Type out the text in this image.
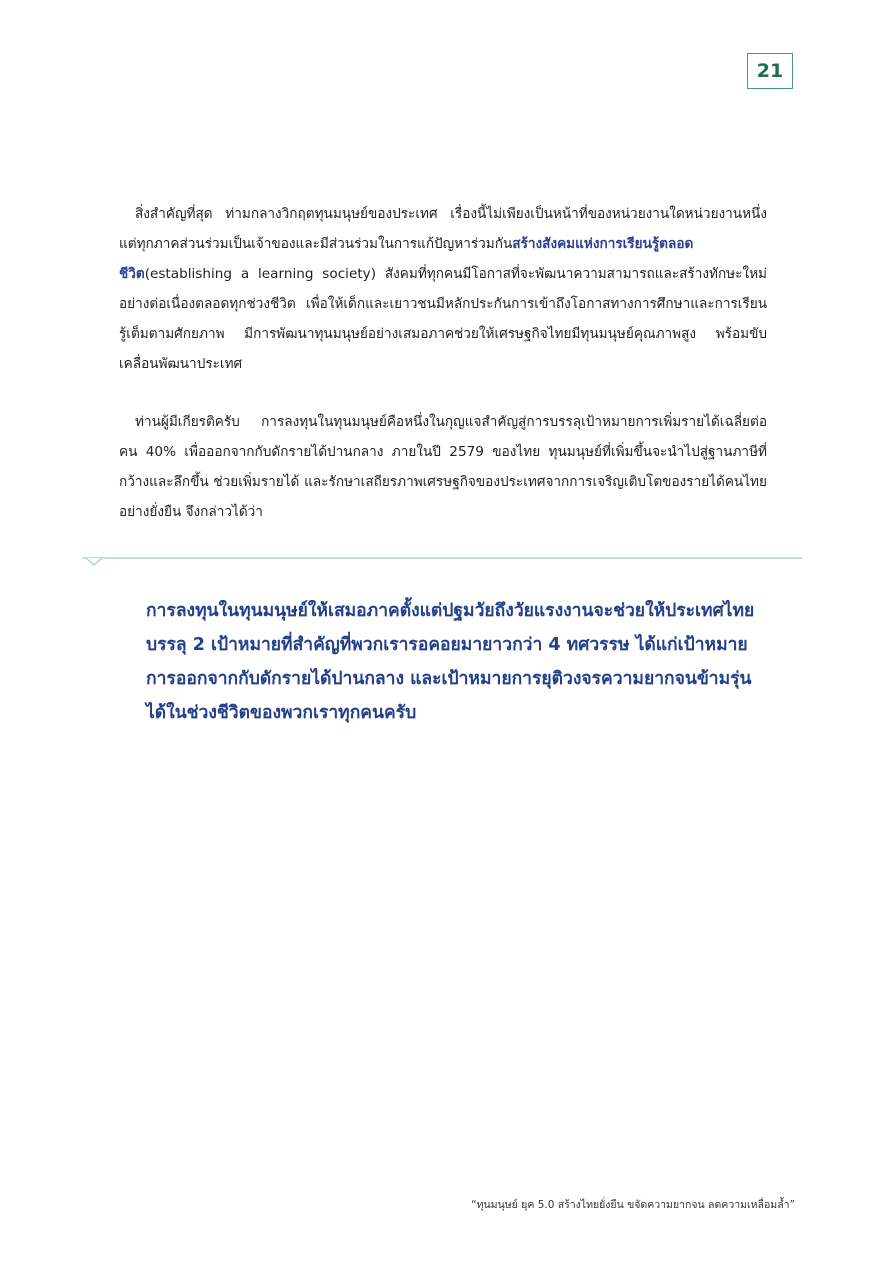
21
สิ่งสำคัญที่สุด ท่ามกลางวิกฤตทุนมนุษย์ของประเทศ เรื่องนี้ไม่เพียงเป็นหน้าที่ของหน่วยงานใดหน่วยงานหนึ่ง แต่ทุกภาคส่วนร่วมเป็นเจ้าของและมีส่วนร่วมในการแก้ปัญหาร่วมกันสร้างสังคมแห่งการเรียนรู้ตลอดชีวิต(establishing a learning society) สังคมที่ทุกคนมีโอกาสที่จะพัฒนาความสามารถและสร้างทักษะใหม่อย่างต่อเนื่องตลอดทุกช่วงชีวิต เพื่อให้เด็กและเยาวชนมีหลักประกันการเข้าถึงโอกาสทางการศึกษาและการเรียนรู้เต็มตามศักยภาพ มีการพัฒนาทุนมนุษย์อย่างเสมอภาคช่วยให้เศรษฐกิจไทยมีทุนมนุษย์คุณภาพสูง พร้อมขับเคลื่อนพัฒนาประเทศ
ท่านผู้มีเกียรติครับ การลงทุนในทุนมนุษย์คือหนึ่งในกุญแจสำคัญสู่การบรรลุเป้าหมายการเพิ่มรายได้เฉลี่ยต่อคน 40% เพื่อออกจากกับดักรายได้ปานกลาง ภายในปี 2579 ของไทย ทุนมนุษย์ที่เพิ่มขึ้นจะนำไปสู่ฐานภาษีที่กว้างและลึกขึ้น ช่วยเพิ่มรายได้ และรักษาเสถียรภาพเศรษฐกิจของประเทศจากการเจริญเติบโตของรายได้คนไทยอย่างยั่งยืน จึงกล่าวได้ว่า
การลงทุนในทุนมนุษย์ให้เสมอภาคตั้งแต่ปฐมวัยถึงวัยแรงงานจะช่วยให้ประเทศไทย
บรรลุ 2 เป้าหมายที่สำคัญที่พวกเรารอคอยมายาวกว่า 4 ทศวรรษ ได้แก่เป้าหมาย
การออกจากกับดักรายได้ปานกลาง และเป้าหมายการยุติวงจรความยากจนข้ามรุ่น
ได้ในช่วงชีวิตของพวกเราทุกคนครับ
“ทุนมนุษย์ ยุค 5.0 สร้างไทยยั่งยืน ขจัดความยากจน ลดความเหลื่อมล้ำ”
